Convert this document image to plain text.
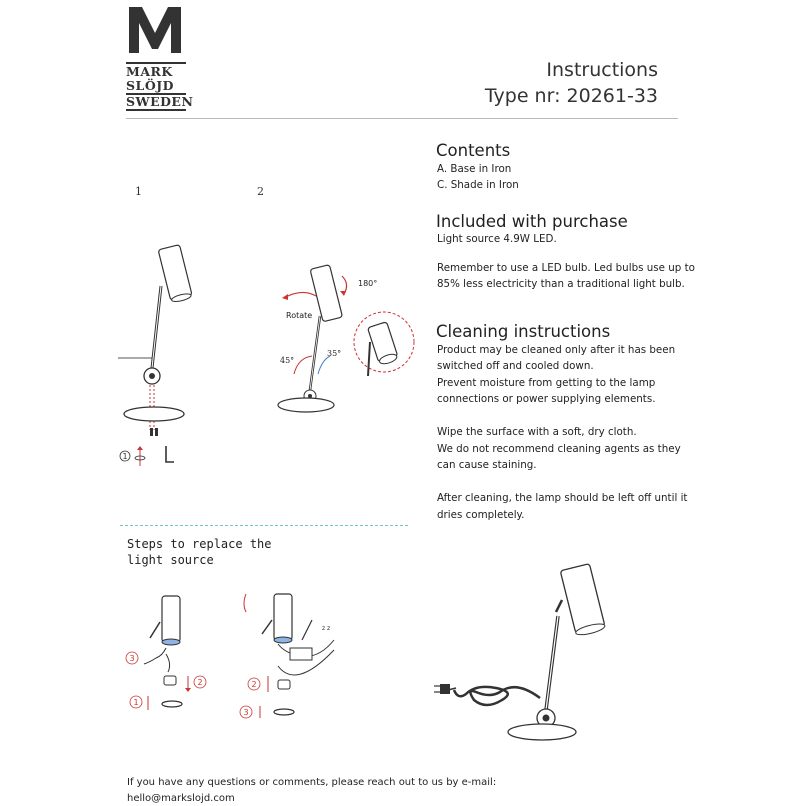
MARK
SLÖJD
SWEDEN
Instructions
Type nr: 20261-33
1	2
1
Rotate
180°
45°
35°
Contents
A. Base in Iron
C. Shade in Iron
Included with purchase
Light source 4.9W LED.
Remember to use a LED bulb. Led bulbs use up to
85% less electricity than a traditional light bulb.
Cleaning instructions
Product may be cleaned only after it has been
switched off and cooled down.
Prevent moisture from getting to the lamp
connections or power supplying elements.
Wipe the surface with a soft, dry cloth.
We do not recommend cleaning agents as they
can cause staining.
After cleaning, the lamp should be left off until it
dries completely.
Steps to replace the
light source
3
2
1
z z
2
3
If you have any questions or comments, please reach out to us by e-mail:
hello@markslojd.com
